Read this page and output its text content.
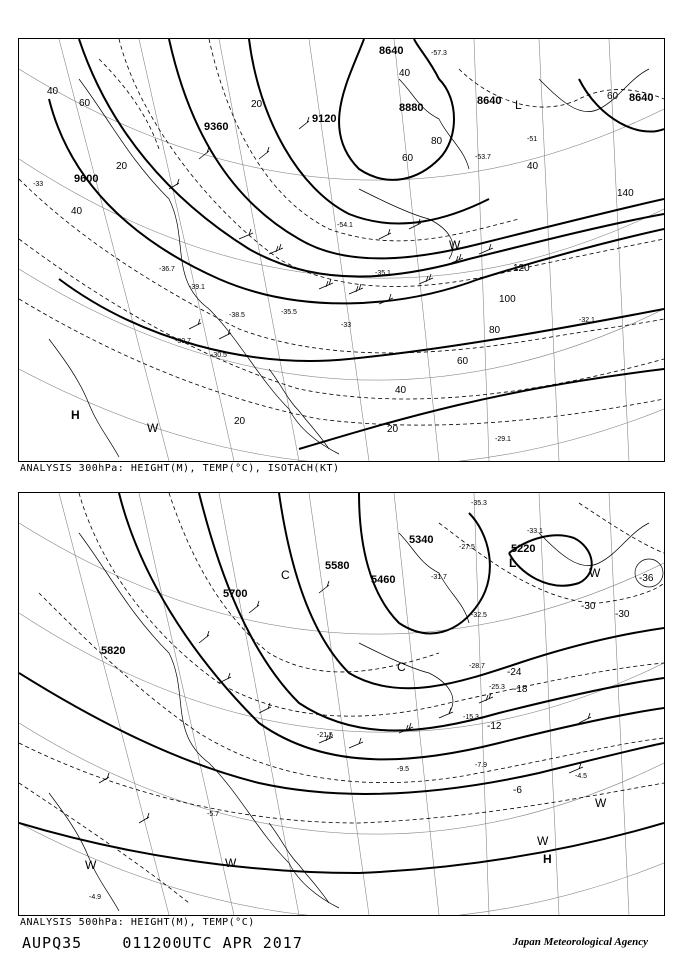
9600
9360
9120
8640
8880
8640	8640
140
120
100
80
60
40
20
20
40
40
80
60
40
20
60
20	40
60
-33
-36.7
-39.1
-38.5	-35.5
-33
-29.1
-30.7
-30.5
-57.3
-53.7
-51
-35.1
-32.1
-54.1
H
W
W
L
ANALYSIS 300hPa: HEIGHT(M), TEMP(°C), ISOTACH(KT)
5820
5700
5580
5460
5340
5220
-36
-30
-30
-24
-18
-12
-6
-35.3
-33.1
-31.7
-32.5
-25.3
-15.3
-7.9
-4.5
-5.7
-4.9
-9.5
-21.5
-27.5
-28.7
L
C
C
W
W
W
W	W	H
ANALYSIS 500hPa: HEIGHT(M), TEMP(°C)
AUPQ35	011200UTC APR 2017	Japan Meteorological Agency
